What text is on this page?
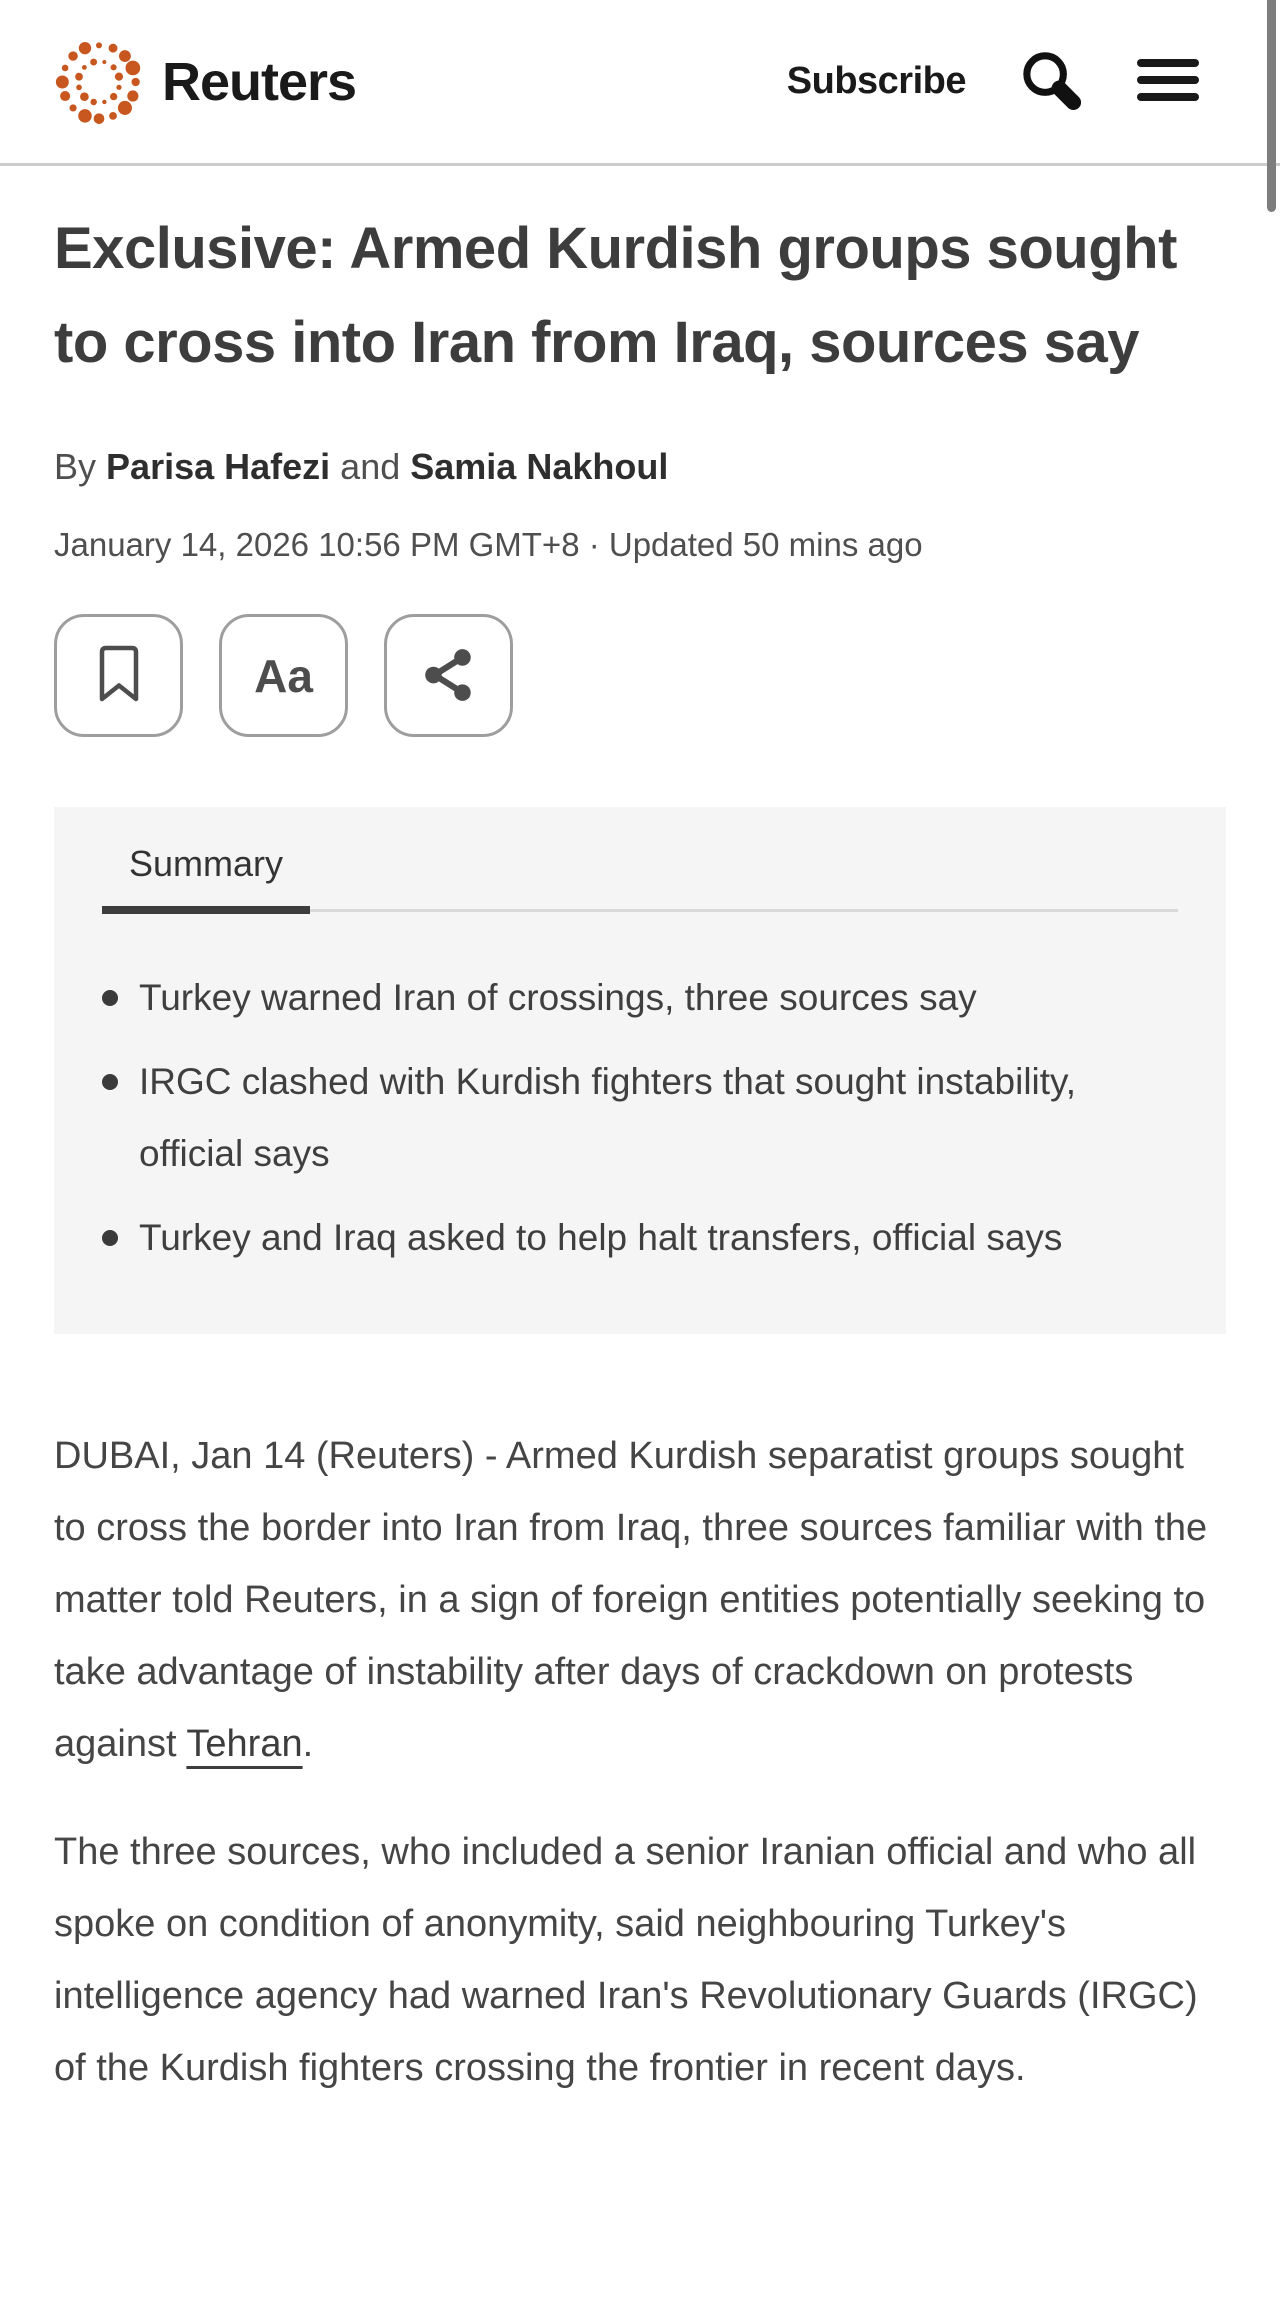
Reuters	Subscribe
Exclusive: Armed Kurdish groups sought to cross into Iran from Iraq, sources say
By Parisa Hafezi and Samia Nakhoul
January 14, 2026 10:56 PM GMT+8 · Updated 50 mins ago
Aa
Summary
Turkey warned Iran of crossings, three sources say
IRGC clashed with Kurdish fighters that sought instability, official says
Turkey and Iraq asked to help halt transfers, official says

DUBAI, Jan 14 (Reuters) - Armed Kurdish separatist groups sought to cross the border into Iran from Iraq, three sources familiar with the matter told Reuters, in a sign of foreign entities potentially seeking to take advantage of instability after days of crackdown on protests against Tehran.

The three sources, who included a senior Iranian official and who all spoke on condition of anonymity, said neighbouring Turkey's intelligence agency had warned Iran's Revolutionary Guards (IRGC) of the Kurdish fighters crossing the frontier in recent days.
